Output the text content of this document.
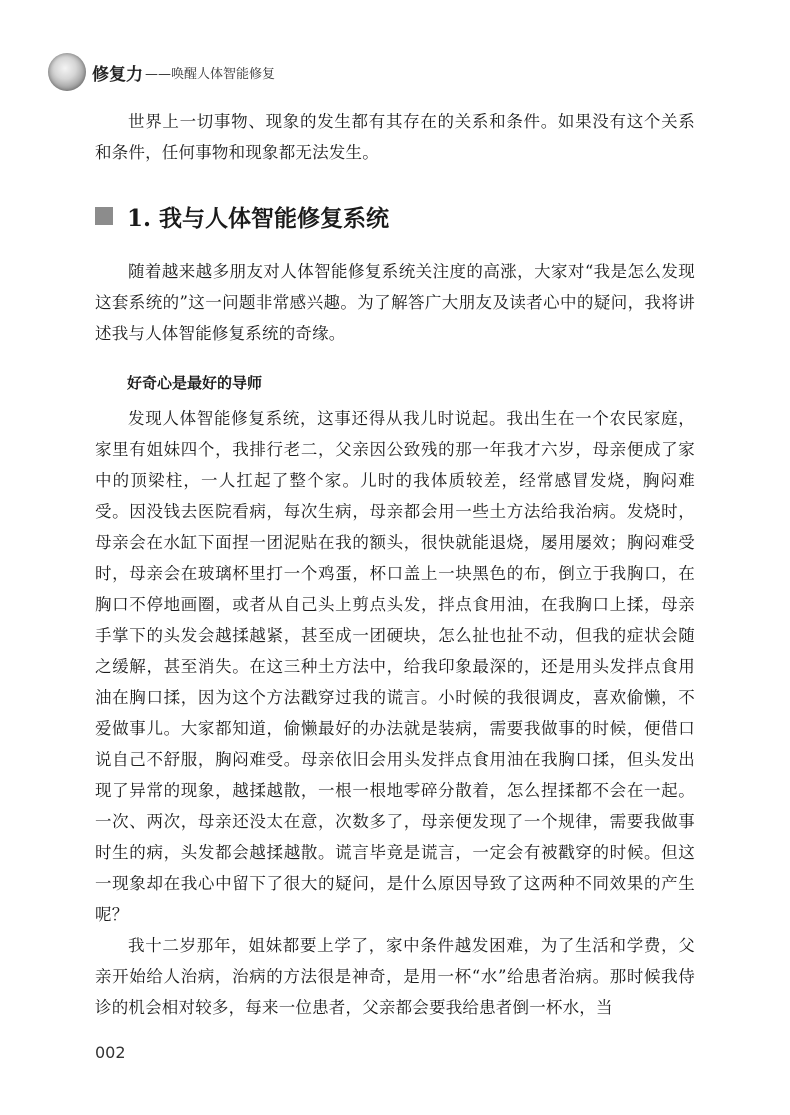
修复力 ——唤醒人体智能修复

世界上一切事物、现象的发生都有其存在的关系和条件。如果没有这个关系和条件，任何事物和现象都无法发生。

1. 我与人体智能修复系统

随着越来越多朋友对人体智能修复系统关注度的高涨，大家对“我是怎么发现这套系统的”这一问题非常感兴趣。为了解答广大朋友及读者心中的疑问，我将讲述我与人体智能修复系统的奇缘。

好奇心是最好的导师

发现人体智能修复系统，这事还得从我儿时说起。我出生在一个农民家庭，家里有姐妹四个，我排行老二，父亲因公致残的那一年我才六岁，母亲便成了家中的顶梁柱，一人扛起了整个家。儿时的我体质较差，经常感冒发烧，胸闷难受。因没钱去医院看病，每次生病，母亲都会用一些土方法给我治病。发烧时，母亲会在水缸下面捏一团泥贴在我的额头，很快就能退烧，屡用屡效；胸闷难受时，母亲会在玻璃杯里打一个鸡蛋，杯口盖上一块黑色的布，倒立于我胸口，在胸口不停地画圈，或者从自己头上剪点头发，拌点食用油，在我胸口上揉，母亲手掌下的头发会越揉越紧，甚至成一团硬块，怎么扯也扯不动，但我的症状会随之缓解，甚至消失。在这三种土方法中，给我印象最深的，还是用头发拌点食用油在胸口揉，因为这个方法戳穿过我的谎言。小时候的我很调皮，喜欢偷懒，不爱做事儿。大家都知道，偷懒最好的办法就是装病，需要我做事的时候，便借口说自己不舒服，胸闷难受。母亲依旧会用头发拌点食用油在我胸口揉，但头发出现了异常的现象，越揉越散，一根一根地零碎分散着，怎么捏揉都不会在一起。一次、两次，母亲还没太在意，次数多了，母亲便发现了一个规律，需要我做事时生的病，头发都会越揉越散。谎言毕竟是谎言，一定会有被戳穿的时候。但这一现象却在我心中留下了很大的疑问，是什么原因导致了这两种不同效果的产生呢？

我十二岁那年，姐妹都要上学了，家中条件越发困难，为了生活和学费，父亲开始给人治病，治病的方法很是神奇，是用一杯“水”给患者治病。那时候我侍诊的机会相对较多，每来一位患者，父亲都会要我给患者倒一杯水，当

002
